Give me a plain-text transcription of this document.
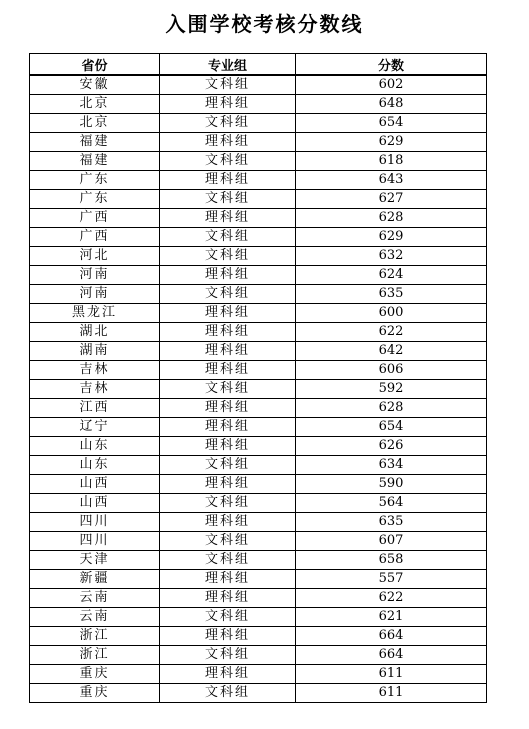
入围学校考核分数线
省份	专业组	分数
安徽	文科组	602
北京	理科组	648
北京	文科组	654
福建	理科组	629
福建	文科组	618
广东	理科组	643
广东	文科组	627
广西	理科组	628
广西	文科组	629
河北	文科组	632
河南	理科组	624
河南	文科组	635
黑龙江	理科组	600
湖北	理科组	622
湖南	理科组	642
吉林	理科组	606
吉林	文科组	592
江西	理科组	628
辽宁	理科组	654
山东	理科组	626
山东	文科组	634
山西	理科组	590
山西	文科组	564
四川	理科组	635
四川	文科组	607
天津	文科组	658
新疆	理科组	557
云南	理科组	622
云南	文科组	621
浙江	理科组	664
浙江	文科组	664
重庆	理科组	611
重庆	文科组	611
